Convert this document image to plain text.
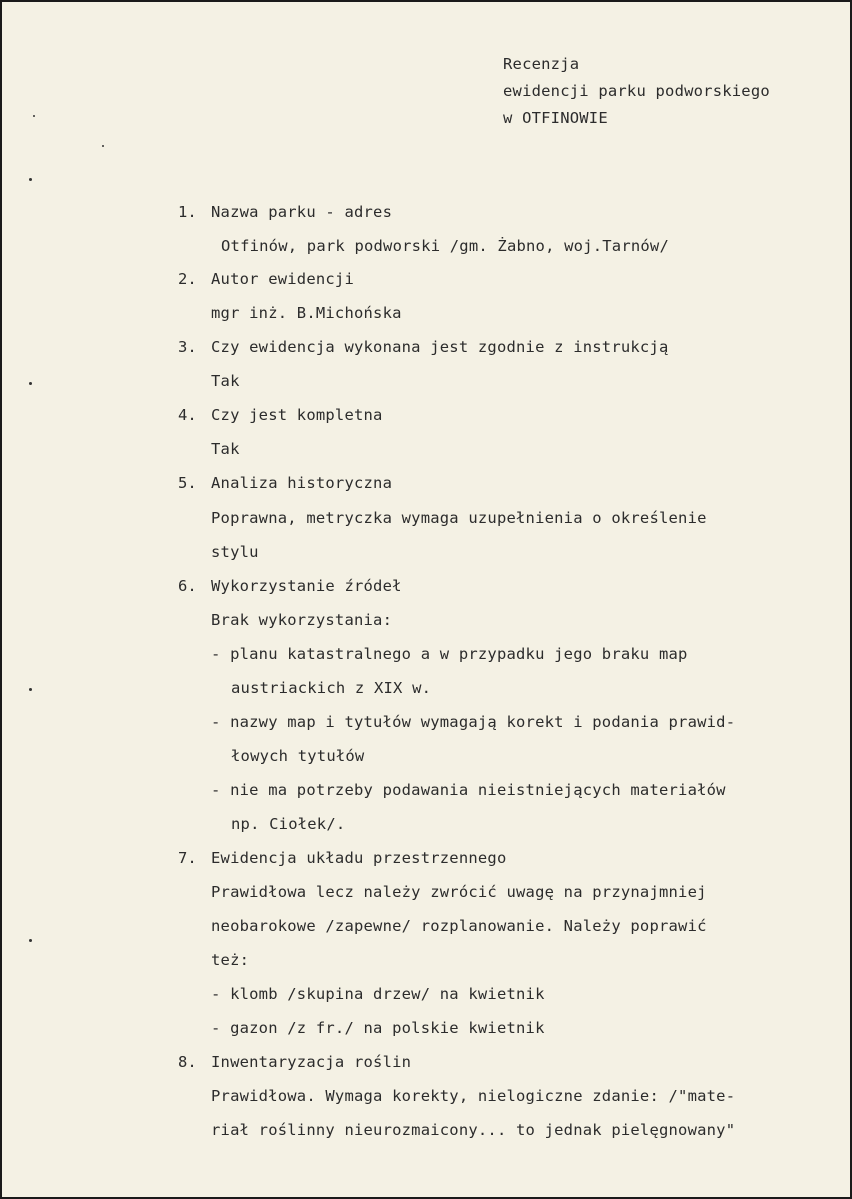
Recenzja
ewidencji parku podworskiego
w OTFINOWIE
1. Nazwa parku - adres
Otfinów, park podworski /gm. Żabno, woj.Tarnów/
2. Autor ewidencji
mgr inż. B.Michońska
3. Czy ewidencja wykonana jest zgodnie z instrukcją
Tak
4. Czy jest kompletna
Tak
5. Analiza historyczna
Poprawna, metryczka wymaga uzupełnienia o określenie
stylu
6. Wykorzystanie źródeł
Brak wykorzystania:
- planu katastralnego a w przypadku jego braku map
austriackich z XIX w.
- nazwy map i tytułów wymagają korekt i podania prawid-
łowych tytułów
- nie ma potrzeby podawania nieistniejących materiałów
np. Ciołek/.
7. Ewidencja układu przestrzennego
Prawidłowa lecz należy zwrócić uwagę na przynajmniej
neobarokowe /zapewne/ rozplanowanie. Należy poprawić
też:
- klomb /skupina drzew/ na kwietnik
- gazon /z fr./ na polskie kwietnik
8. Inwentaryzacja roślin
Prawidłowa. Wymaga korekty, nielogiczne zdanie: /"mate-
riał roślinny nieurozmaicony... to jednak pielęgnowany"
